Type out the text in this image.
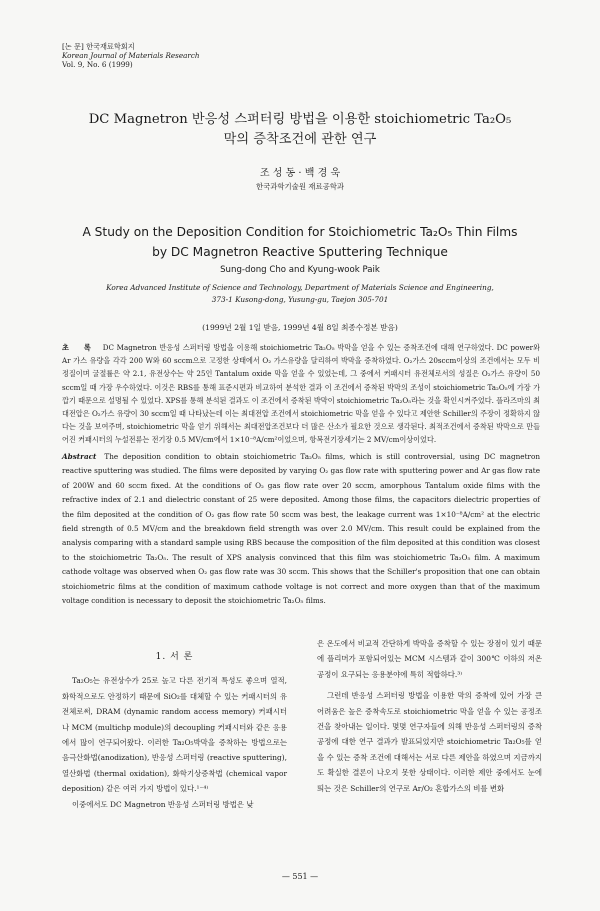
[논 문] 한국재료학회지
Korean Journal of Materials Research
Vol. 9, No. 6 (1999)
DC Magnetron 반응성 스퍼터링 방법을 이용한 stoichiometric Ta₂O₅
막의 증착조건에 관한 연구
조 성 동 · 백 경 욱
한국과학기술원 재료공학과
A Study on the Deposition Condition for Stoichiometric Ta₂O₅ Thin Films
by DC Magnetron Reactive Sputtering Technique
Sung-dong Cho and Kyung-wook Paik
Korea Advanced Institute of Science and Technology, Department of Materials Science and Engineering,
373-1 Kusong-dong, Yusung-gu, Taejon 305-701
(1999년 2월 1일 받음, 1999년 4월 8일 최종수정본 받음)
초 록 DC Magnetron 반응성 스퍼터링 방법을 이용해 stoichiometric Ta₂O₅ 박막을 얻을 수 있는 증착조건에 대해 연구하였다. DC power와 Ar 가스 유량을 각각 200 W와 60 sccm으로 고정한 상태에서 O₂ 가스유량을 달리하여 박막을 증착하였다. O₂가스 20sccm이상의 조건에서는 모두 비정질이며 굴절률은 약 2.1, 유전상수는 약 25인 Tantalum oxide 막을 얻을 수 있었는데, 그 중에서 커패시터 유전체로서의 성질은 O₂가스 유량이 50 sccm일 때 가장 우수하였다. 이것은 RBS를 통해 표준시편과 비교하여 분석한 결과 이 조건에서 증착된 박막의 조성이 stoichiometric Ta₂O₅에 가장 가깝기 때문으로 설명될 수 있었다. XPS를 통해 분석된 결과도 이 조건에서 증착된 박막이 stoichiometric Ta₂O₅라는 것을 확인시켜주었다. 플라즈마의 최대전압은 O₂가스 유량이 30 sccm일 때 나타났는데 이는 최대전압 조건에서 stoichiometric 막을 얻을 수 있다고 제안한 Schiller의 주장이 정확하지 않다는 것을 보여주며, stoichiometric 막을 얻기 위해서는 최대전압조건보다 더 많은 산소가 필요한 것으로 생각된다. 최적조건에서 증착된 박막으로 만들어진 커패시터의 누설전류는 전기장 0.5 MV/cm에서 1×10⁻⁸A/cm²이었으며, 항복전기장세기는 2 MV/cm이상이었다.
Abstract The deposition condition to obtain stoichiometric Ta₂O₅ films, which is still controversial, using DC magnetron reactive sputtering was studied. The films were deposited by varying O₂ gas flow rate with sputtering power and Ar gas flow rate of 200W and 60 sccm fixed. At the conditions of O₂ gas flow rate over 20 sccm, amorphous Tantalum oxide films with the refractive index of 2.1 and dielectric constant of 25 were deposited. Among those films, the capacitors dielectric properties of the film deposited at the condition of O₂ gas flow rate 50 sccm was best, the leakage current was 1×10⁻⁸A/cm² at the electric field strength of 0.5 MV/cm and the breakdown field strength was over 2.0 MV/cm. This result could be explained from the analysis comparing with a standard sample using RBS because the composition of the film deposited at this condition was closest to the stoichiometric Ta₂O₅. The result of XPS analysis convinced that this film was stoichiometric Ta₂O₅ film. A maximum cathode voltage was observed when O₂ gas flow rate was 30 sccm. This shows that the Schiller's proposition that one can obtain stoichiometric films at the condition of maximum cathode voltage is not correct and more oxygen than that of the maximum voltage condition is necessary to deposit the stoichiometric Ta₂O₅ films.
1. 서 론

Ta₂O₅는 유전상수가 25로 높고 다른 전기적 특성도 좋으며 열적, 화학적으로도 안정하기 때문에 SiO₂를 대체할 수 있는 커패시터의 유전체로써, DRAM (dynamic random access memory) 커패시터나 MCM (multichp module)의 decoupling 커패시터와 같은 응용에서 많이 연구되어왔다. 이러한 Ta₂O₅박막을 증착하는 방법으로는 음극산화법(anodization), 반응성 스퍼터링 (reactive sputtering), 열산화법 (thermal oxidation), 화학기상증착법 (chemical vapor deposition) 같은 여러 가지 방법이 있다.¹⁻⁴⁾

이중에서도 DC Magnetron 반응성 스퍼터링 방법은 낮

은 온도에서 비교적 간단하게 박막을 증착할 수 있는 장점이 있기 때문에 플리머가 포함되어있는 MCM 시스템과 같이 300℃ 이하의 저온 공정이 요구되는 응용분야에 특히 적합하다.³⁾

그런데 반응성 스퍼터링 방법을 이용한 막의 증착에 있어 가장 큰 어려움은 높은 증착속도로 stoichiometric 막을 얻을 수 있는 공정조건을 찾아내는 일이다. 몇몇 연구자들에 의해 반응성 스퍼터링의 증착 공정에 대한 연구 결과가 발표되었지만 stoichiometric Ta₂O₅를 얻을 수 있는 증착 조건에 대해서는 서로 다른 제안을 하였으며 지금까지도 확실한 결론이 나오지 못한 상태이다. 이러한 제안 중에서도 눈에 띄는 것은 Schiller의 연구로 Ar/O₂ 혼합가스의 비를 변화

— 551 —
